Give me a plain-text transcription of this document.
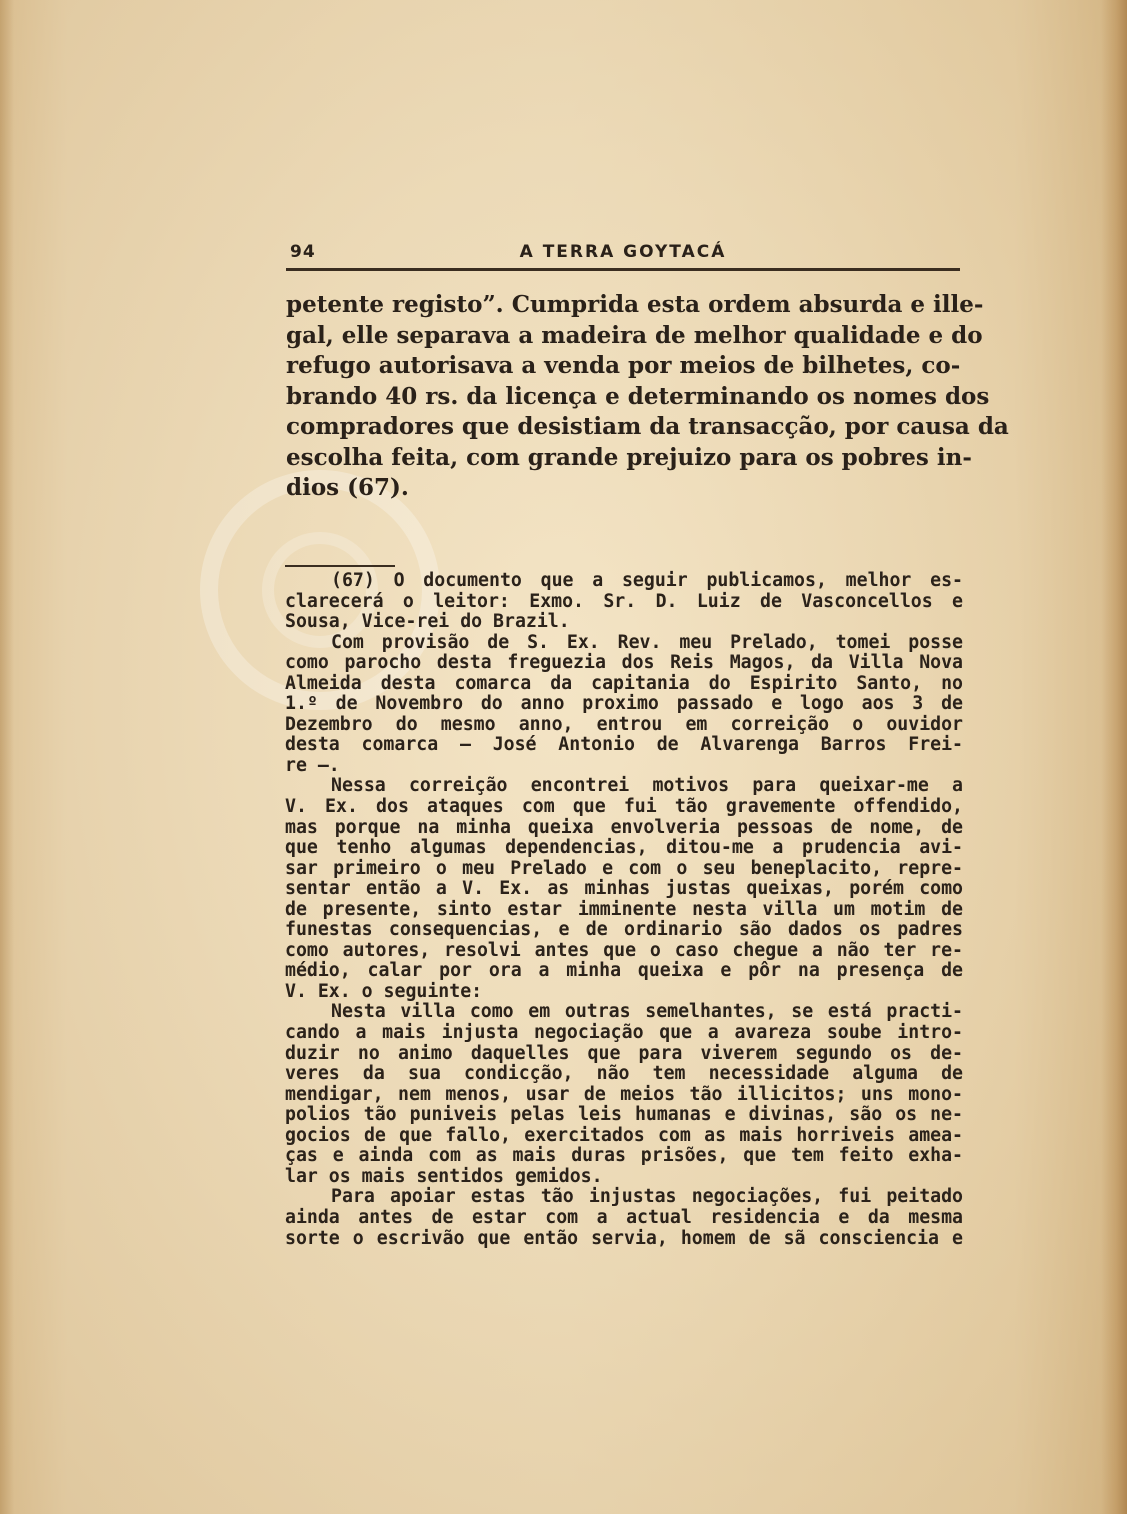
94	A TERRA GOYTACÁ
petente registo”. Cumprida esta ordem absurda e ille-
gal, elle separava a madeira de melhor qualidade e do
refugo autorisava a venda por meios de bilhetes, co-
brando 40 rs. da licença e determinando os nomes dos
compradores que desistiam da transacção, por causa da
escolha feita, com grande prejuizo para os pobres in-
dios (67).
(67) O documento que a seguir publicamos, melhor es-
clarecerá o leitor: Exmo. Sr. D. Luiz de Vasconcellos e
Sousa, Vice-rei do Brazil.
Com provisão de S. Ex. Rev. meu Prelado, tomei posse
como parocho desta freguezia dos Reis Magos, da Villa Nova
Almeida desta comarca da capitania do Espirito Santo, no
1.º de Novembro do anno proximo passado e logo aos 3 de
Dezembro do mesmo anno, entrou em correição o ouvidor
desta comarca — José Antonio de Alvarenga Barros Frei-
re —.
Nessa correição encontrei motivos para queixar-me a
V. Ex. dos ataques com que fui tão gravemente offendido,
mas porque na minha queixa envolveria pessoas de nome, de
que tenho algumas dependencias, ditou-me a prudencia avi-
sar primeiro o meu Prelado e com o seu beneplacito, repre-
sentar então a V. Ex. as minhas justas queixas, porém como
de presente, sinto estar imminente nesta villa um motim de
funestas consequencias, e de ordinario são dados os padres
como autores, resolvi antes que o caso chegue a não ter re-
médio, calar por ora a minha queixa e pôr na presença de
V. Ex. o seguinte:
Nesta villa como em outras semelhantes, se está practi-
cando a mais injusta negociação que a avareza soube intro-
duzir no animo daquelles que para viverem segundo os de-
veres da sua condicção, não tem necessidade alguma de
mendigar, nem menos, usar de meios tão illicitos; uns mono-
polios tão puniveis pelas leis humanas e divinas, são os ne-
gocios de que fallo, exercitados com as mais horriveis amea-
ças e ainda com as mais duras prisões, que tem feito exha-
lar os mais sentidos gemidos.
Para apoiar estas tão injustas negociações, fui peitado
ainda antes de estar com a actual residencia e da mesma
sorte o escrivão que então servia, homem de sã consciencia e
